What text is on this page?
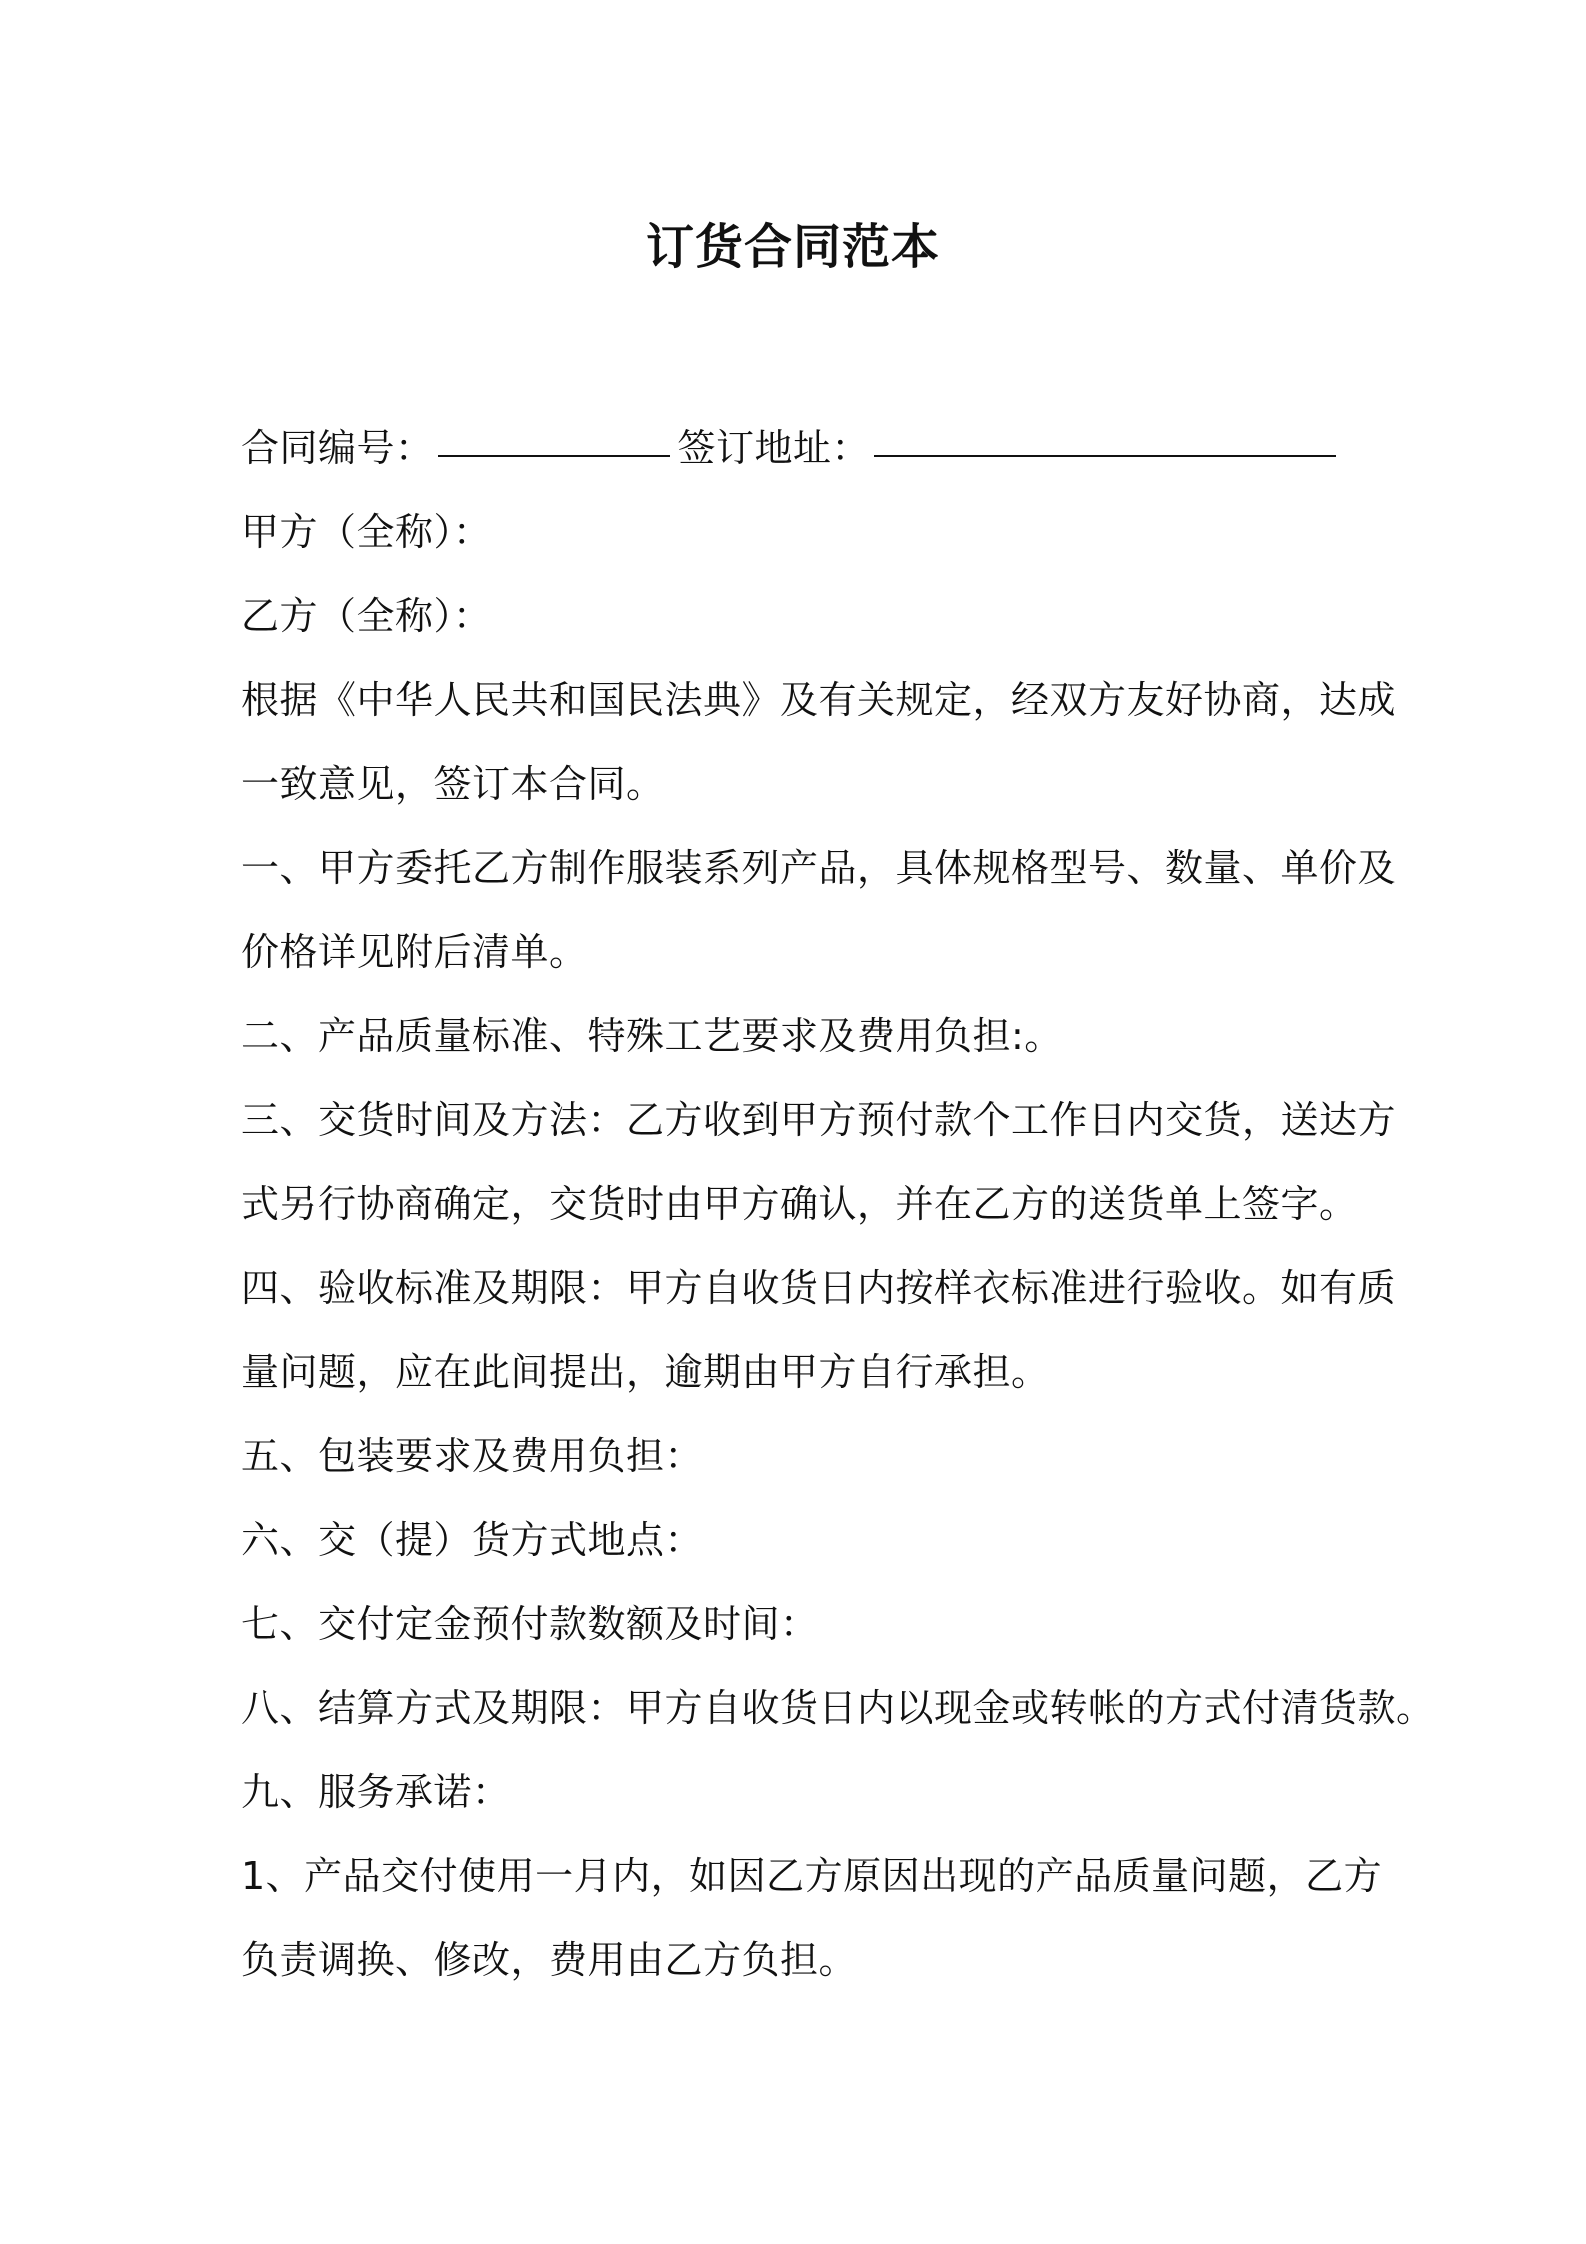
订货合同范本
合同编号：	签订地址：
甲方（全称）：
乙方（全称）：
根据《中华人民共和国民法典》及有关规定，经双方友好协商，达成
一致意见，签订本合同。
一、甲方委托乙方制作服装系列产品，具体规格型号、数量、单价及
价格详见附后清单。
二、产品质量标准、特殊工艺要求及费用负担:。
三、交货时间及方法：乙方收到甲方预付款个工作日内交货，送达方
式另行协商确定，交货时由甲方确认，并在乙方的送货单上签字。
四、验收标准及期限：甲方自收货日内按样衣标准进行验收。如有质
量问题，应在此间提出，逾期由甲方自行承担。
五、包装要求及费用负担：
六、交（提）货方式地点：
七、交付定金预付款数额及时间：
八、结算方式及期限：甲方自收货日内以现金或转帐的方式付清货款。
九、服务承诺：
1、产品交付使用一月内，如因乙方原因出现的产品质量问题，乙方
负责调换、修改，费用由乙方负担。
